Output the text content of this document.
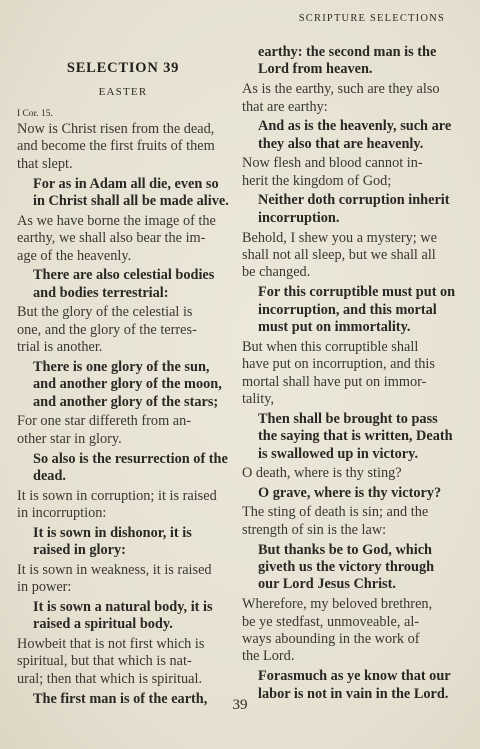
SCRIPTURE SELECTIONS
SELECTION 39
EASTER
I Cor. 15.
Now is Christ risen from the dead,
and become the first fruits of them
that slept.
For as in Adam all die, even so
in Christ shall all be made alive.
As we have borne the image of the
earthy, we shall also bear the im-
age of the heavenly.
There are also celestial bodies
and bodies terrestrial:
But the glory of the celestial is
one, and the glory of the terres-
trial is another.
There is one glory of the sun,
and another glory of the moon,
and another glory of the stars;
For one star differeth from an-
other star in glory.
So also is the resurrection of the
dead.
It is sown in corruption; it is raised
in incorruption:
It is sown in dishonor, it is
raised in glory:
It is sown in weakness, it is raised
in power:
It is sown a natural body, it is
raised a spiritual body.
Howbeit that is not first which is
spiritual, but that which is nat-
ural; then that which is spiritual.
The first man is of the earth,
earthy: the second man is the
Lord from heaven.
As is the earthy, such are they also
that are earthy:
And as is the heavenly, such are
they also that are heavenly.
Now flesh and blood cannot in-
herit the kingdom of God;
Neither doth corruption inherit
incorruption.
Behold, I shew you a mystery; we
shall not all sleep, but we shall all
be changed.
For this corruptible must put on
incorruption, and this mortal
must put on immortality.
But when this corruptible shall
have put on incorruption, and this
mortal shall have put on immor-
tality,
Then shall be brought to pass
the saying that is written, Death
is swallowed up in victory.
O death, where is thy sting?
O grave, where is thy victory?
The sting of death is sin; and the
strength of sin is the law:
But thanks be to God, which
giveth us the victory through
our Lord Jesus Christ.
Wherefore, my beloved brethren,
be ye stedfast, unmoveable, al-
ways abounding in the work of
the Lord.
Forasmuch as ye know that our
labor is not in vain in the Lord.
39
